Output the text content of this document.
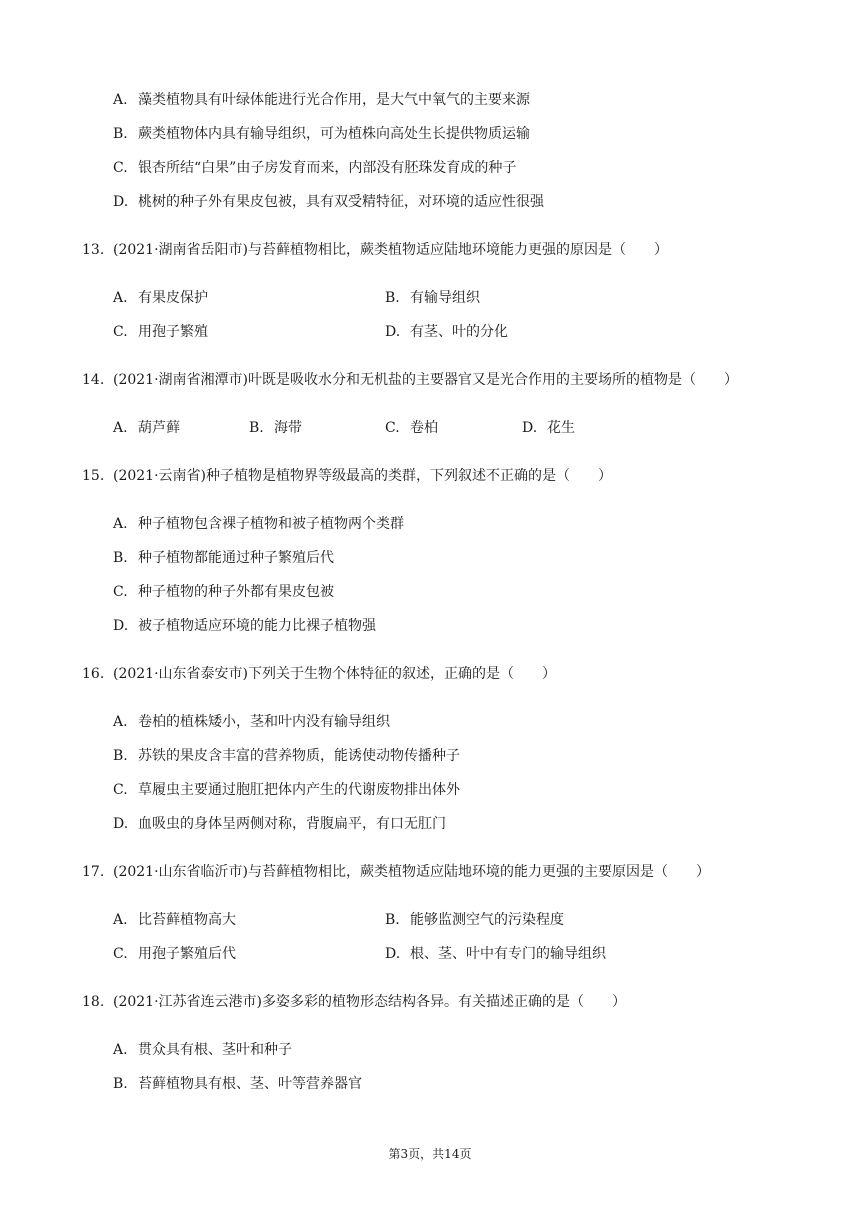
A. 藻类植物具有叶绿体能进行光合作用，是大气中氧气的主要来源
B. 蕨类植物体内具有输导组织，可为植株向高处生长提供物质运输
C. 银杏所结“白果”由子房发育而来，内部没有胚珠发育成的种子
D. 桃树的种子外有果皮包被，具有双受精特征，对环境的适应性很强
13. (2021·湖南省岳阳市)与苔藓植物相比，蕨类植物适应陆地环境能力更强的原因是（　　）
A. 有果皮保护	B. 有输导组织
C. 用孢子繁殖	D. 有茎、叶的分化
14. (2021·湖南省湘潭市)叶既是吸收水分和无机盐的主要器官又是光合作用的主要场所的植物是（　　）
A. 葫芦藓	B. 海带	C. 卷柏	D. 花生
15. (2021·云南省)种子植物是植物界等级最高的类群，下列叙述不正确的是（　　）
A. 种子植物包含裸子植物和被子植物两个类群
B. 种子植物都能通过种子繁殖后代
C. 种子植物的种子外都有果皮包被
D. 被子植物适应环境的能力比裸子植物强
16. (2021·山东省泰安市)下列关于生物个体特征的叙述，正确的是（　　）
A. 卷柏的植株矮小，茎和叶内没有输导组织
B. 苏铁的果皮含丰富的营养物质，能诱使动物传播种子
C. 草履虫主要通过胞肛把体内产生的代谢废物排出体外
D. 血吸虫的身体呈两侧对称，背腹扁平，有口无肛门
17. (2021·山东省临沂市)与苔藓植物相比，蕨类植物适应陆地环境的能力更强的主要原因是（　　）
A. 比苔藓植物高大	B. 能够监测空气的污染程度
C. 用孢子繁殖后代	D. 根、茎、叶中有专门的输导组织
18. (2021·江苏省连云港市)多姿多彩的植物形态结构各异。有关描述正确的是（　　）
A. 贯众具有根、茎叶和种子
B. 苔藓植物具有根、茎、叶等营养器官
第3页，共14页
